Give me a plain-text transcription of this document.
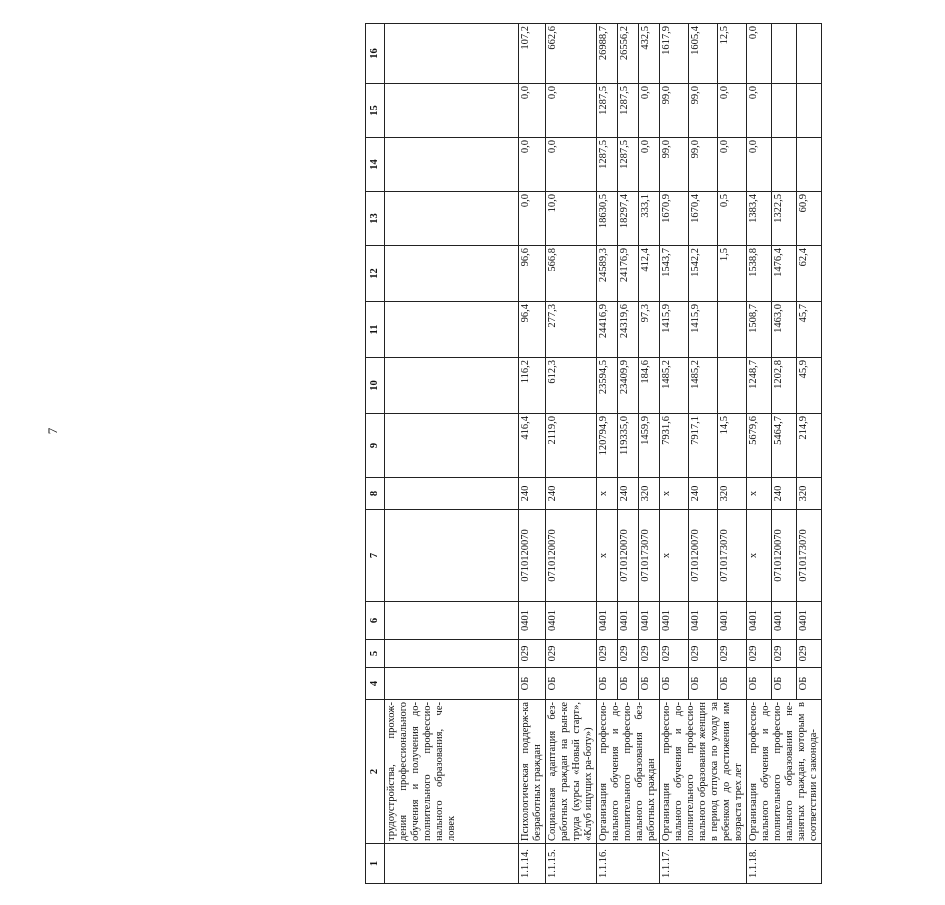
7
1	2	4	5	6	7	8	9	10	11	12	13	14	15	16
	трудоустройства, прохож-дения профессионального обучения и получения до-полнительного профессио-нального образования, че-ловек													
1.1.14.	Психологическая поддерж-ка безработных граждан	ОБ	029	0401	0710120070	240	416,4	116,2	96,4	96,6	0,0	0,0	0,0	107,2
1.1.15.	Социальная адаптация без-работных граждан на рын-ке труда (курсы «Новый старт», «Клуб ищущих ра-боту»)	ОБ	029	0401	0710120070	240	2119,0	612,3	277,3	566,8	10,0	0,0	0,0	662,6
1.1.16.	Организация профессио-нального обучения и до-полнительного профессио-нального образования без-работных граждан	ОБ	029	0401	x	x	120794,9	23594,5	24416,9	24589,3	18630,5	1287,5	1287,5	26988,7
		ОБ	029	0401	0710120070	240	119335,0	23409,9	24319,6	24176,9	18297,4	1287,5	1287,5	26556,2
		ОБ	029	0401	0710173070	320	1459,9	184,6	97,3	412,4	333,1	0,0	0,0	432,5
1.1.17.	Организация профессио-нального обучения и до-полнительного профессио-нального образования женщин в период отпуска по уходу за ребенком до достижения им возраста трех лет	ОБ	029	0401	x	x	7931,6	1485,2	1415,9	1543,7	1670,9	99,0	99,0	1617,9
		ОБ	029	0401	0710120070	240	7917,1	1485,2	1415,9	1542,2	1670,4	99,0	99,0	1605,4
		ОБ	029	0401	0710173070	320	14,5			1,5	0,5	0,0	0,0	12,5
1.1.18.	Организация профессио-нального обучения и до-полнительного профессио-нального образования не-занятых граждан, которым в соответствии с законода-	ОБ	029	0401	x	x	5679,6	1248,7	1508,7	1538,8	1383,4	0,0	0,0	0,0
		ОБ	029	0401	0710120070	240	5464,7	1202,8	1463,0	1476,4	1322,5			
		ОБ	029	0401	0710173070	320	214,9	45,9	45,7	62,4	60,9			
